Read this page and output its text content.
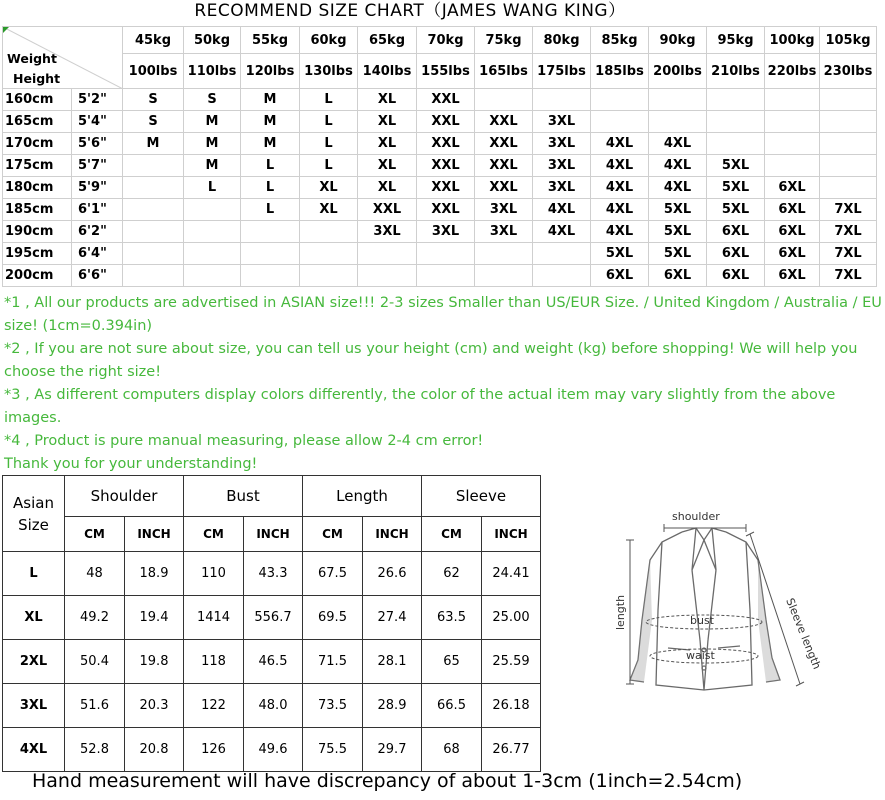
RECOMMEND SIZE CHART（JAMES WANG KING）
Weight
Height		45kg	50kg	55kg	60kg	65kg	70kg	75kg	80kg	85kg	90kg	95kg	100kg	105kg
		100lbs	110lbs	120lbs	130lbs	140lbs	155lbs	165lbs	175lbs	185lbs	200lbs	210lbs	220lbs	230lbs
160cm	5'2"	S	S	M	L	XL	XXL							
165cm	5'4"	S	M	M	L	XL	XXL	XXL	3XL					
170cm	5'6"	M	M	M	L	XL	XXL	XXL	3XL	4XL	4XL			
175cm	5'7"		M	L	L	XL	XXL	XXL	3XL	4XL	4XL	5XL		
180cm	5'9"		L	L	XL	XL	XXL	XXL	3XL	4XL	4XL	5XL	6XL	
185cm	6'1"			L	XL	XXL	XXL	3XL	4XL	4XL	5XL	5XL	6XL	7XL
190cm	6'2"					3XL	3XL	3XL	4XL	4XL	5XL	6XL	6XL	7XL
195cm	6'4"									5XL	5XL	6XL	6XL	7XL
200cm	6'6"									6XL	6XL	6XL	6XL	7XL

*1 , All our products are advertised in ASIAN size!!! 2-3 sizes Smaller than US/EUR Size. / United Kingdom / Australia / EU size! (1cm=0.394in)

*2 , If you are not sure about size, you can tell us your height (cm) and weight (kg) before shopping! We will help you choose the right size!

*3 , As different computers display colors differently, the color of the actual item may vary slightly from the above images.

*4 , Product is pure manual measuring, please allow 2-4 cm error!

Thank you for your understanding!

Asian
Size	Shoulder		Bust		Length		Sleeve	
	CM	INCH	CM	INCH	CM	INCH	CM	INCH
L	48	18.9	110	43.3	67.5	26.6	62	24.41
XL	49.2	19.4	1414	556.7	69.5	27.4	63.5	25.00
2XL	50.4	19.8	118	46.5	71.5	28.1	65	25.59
3XL	51.6	20.3	122	48.0	73.5	28.9	66.5	26.18
4XL	52.8	20.8	126	49.6	75.5	29.7	68	26.77
Hand measurement will have discrepancy of about 1-3cm (1inch=2.54cm)
shoulder
length	bust
waist	Sleeve length
